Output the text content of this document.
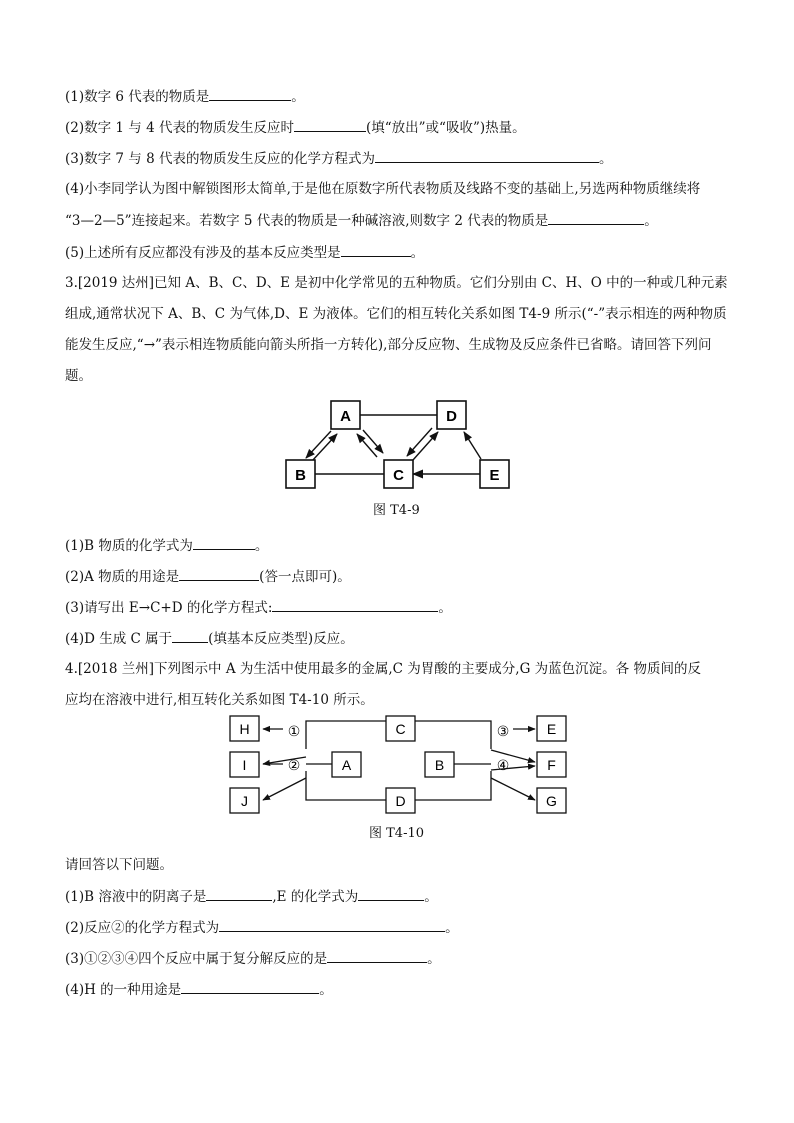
(1)数字 6 代表的物质是	。
(2)数字 1 与 4 代表的物质发生反应时	(填“放出”或“吸收”)热量。
(3)数字 7 与 8 代表的物质发生反应的化学方程式为	。
(4)小李同学认为图中解锁图形太简单,于是他在原数字所代表物质及线路不变的基础上,另选两种物质继续将
“3—2—5”连接起来。若数字 5 代表的物质是一种碱溶液,则数字 2 代表的物质是	。
(5)上述所有反应都没有涉及的基本反应类型是	。
3.[2019 达州]已知 A、B、C、D、E 是初中化学常见的五种物质。它们分别由 C、H、O 中的一种或几种元素
组成,通常状况下 A、B、C 为气体,D、E 为液体。它们的相互转化关系如图 T4-9 所示(“-”表示相连的两种物质
能发生反应,“→”表示相连物质能向箭头所指一方转化),部分反应物、生成物及反应条件已省略。请回答下列问
题。
A	D
B	C	E
图 T4-9
(1)B 物质的化学式为	。
(2)A 物质的用途是	(答一点即可)。
(3)请写出 E→C+D 的化学方程式:	。
(4)D 生成 C 属于	(填基本反应类型)反应。
4.[2018 兰州]下列图示中 A 为生活中使用最多的金属,C 为胃酸的主要成分,G 为蓝色沉淀。各 物质间的反
应均在溶液中进行,相互转化关系如图 T4-10 所示。
①
②
③
④
H
I
J
A
C
D
B
E
F
G
图 T4-10
请回答以下问题。
(1)B 溶液中的阴离子是	,E 的化学式为	。
(2)反应②的化学方程式为	。
(3)①②③④四个反应中属于复分解反应的是	。
(4)H 的一种用途是	。
